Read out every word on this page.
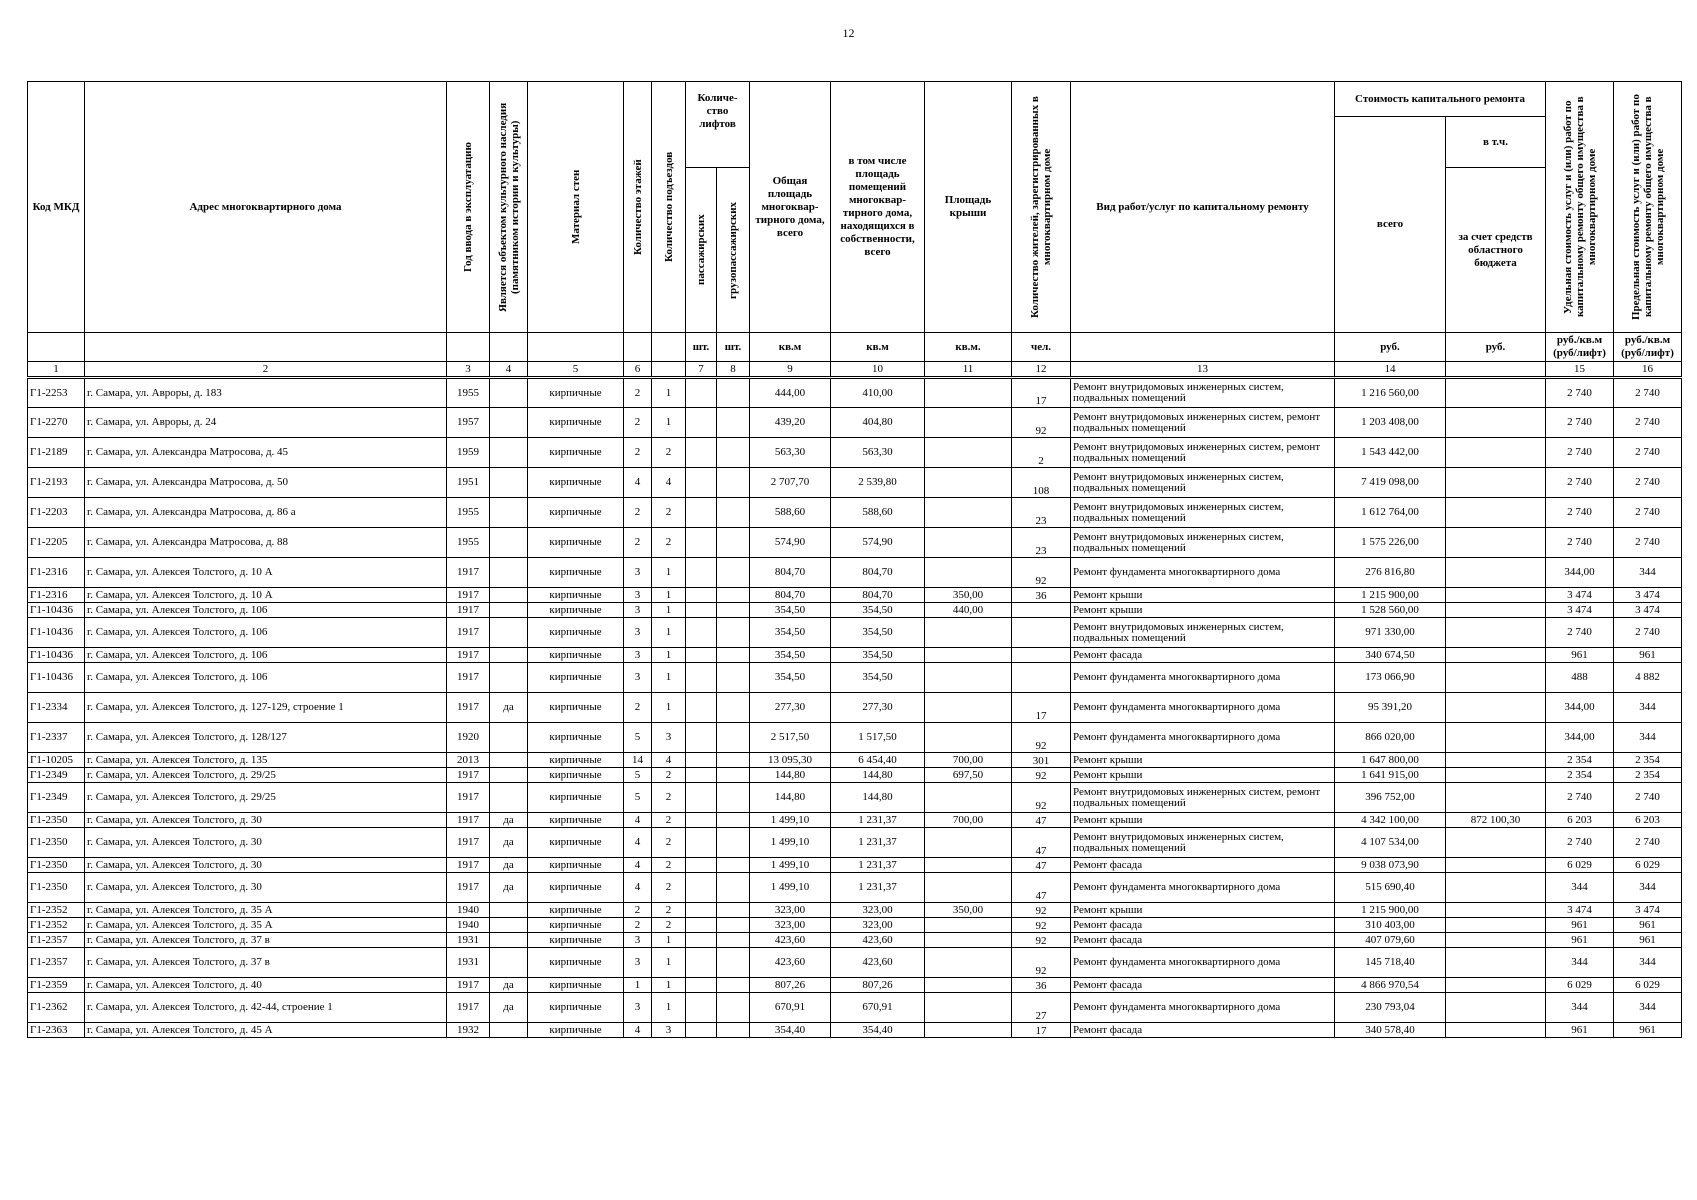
12
Код МКД	Адрес многоквартирного дома	Год ввода в эксплуатацию	Является объектом культурного наследия (памятником истории и культуры)	Материал стен	Количество этажей	Количество подъездов	Количе- ство лифтов		Общая площадь многоквар- тирного дома, всего	в том числе площадь помещений многоквар- тирного дома, находящихся в собственности, всего	Площадь крыши	Количество жителей, зарегистрированных в многоквартирном доме	Вид работ/услуг по капитальному ремонту	Стоимость капитального ремонта		Удельная стоимость услуг и (или) работ по капитальному ремонту общего имущества в многоквартирном доме	Предельная стоимость услуг и (или) работ по капитальному ремонту общего имущества в многоквартирном доме

														всего	в т.ч.		

							пассажирских	грузопассажирских							за счет средств областного бюджета		
							шт.	шт.	кв.м	кв.м	кв.м.	чел.		руб.	руб.	руб./кв.м (руб/лифт)	руб./кв.м (руб/лифт)
1	2	3	4	5	6		7	8	9	10	11	12	13	14		15	16
Г1-2253	г. Самара, ул. Авроры, д. 183	1955		кирпичные	2	1			444,00	410,00		17	Ремонт внутридомовых инженерных систем, подвальных помещений	1 216 560,00		2 740	2 740
Г1-2270	г. Самара, ул. Авроры, д. 24	1957		кирпичные	2	1			439,20	404,80		92	Ремонт внутридомовых инженерных систем, ремонт подвальных помещений	1 203 408,00		2 740	2 740
Г1-2189	г. Самара, ул. Александра Матросова, д. 45	1959		кирпичные	2	2			563,30	563,30		2	Ремонт внутридомовых инженерных систем, ремонт подвальных помещений	1 543 442,00		2 740	2 740
Г1-2193	г. Самара, ул. Александра Матросова, д. 50	1951		кирпичные	4	4			2 707,70	2 539,80		108	Ремонт внутридомовых инженерных систем, подвальных помещений	7 419 098,00		2 740	2 740
Г1-2203	г. Самара, ул. Александра Матросова, д. 86 а	1955		кирпичные	2	2			588,60	588,60		23	Ремонт внутридомовых инженерных систем, подвальных помещений	1 612 764,00		2 740	2 740
Г1-2205	г. Самара, ул. Александра Матросова, д. 88	1955		кирпичные	2	2			574,90	574,90		23	Ремонт внутридомовых инженерных систем, подвальных помещений	1 575 226,00		2 740	2 740
Г1-2316	г. Самара, ул. Алексея Толстого, д. 10 А	1917		кирпичные	3	1			804,70	804,70		92	Ремонт фундамента многоквартирного дома	276 816,80		344,00	344
Г1-2316	г. Самара, ул. Алексея Толстого, д. 10 А	1917		кирпичные	3	1			804,70	804,70	350,00	36	Ремонт крыши	1 215 900,00		3 474	3 474
Г1-10436	г. Самара, ул. Алексея Толстого, д. 106	1917		кирпичные	3	1			354,50	354,50	440,00		Ремонт крыши	1 528 560,00		3 474	3 474
Г1-10436	г. Самара, ул. Алексея Толстого, д. 106	1917		кирпичные	3	1			354,50	354,50			Ремонт внутридомовых инженерных систем, подвальных помещений	971 330,00		2 740	2 740
Г1-10436	г. Самара, ул. Алексея Толстого, д. 106	1917		кирпичные	3	1			354,50	354,50			Ремонт фасада	340 674,50		961	961
Г1-10436	г. Самара, ул. Алексея Толстого, д. 106	1917		кирпичные	3	1			354,50	354,50			Ремонт фундамента многоквартирного дома	173 066,90		488	4 882
Г1-2334	г. Самара, ул. Алексея Толстого, д. 127-129, строение 1	1917	да	кирпичные	2	1			277,30	277,30		17	Ремонт фундамента многоквартирного дома	95 391,20		344,00	344
Г1-2337	г. Самара, ул. Алексея Толстого, д. 128/127	1920		кирпичные	5	3			2 517,50	1 517,50		92	Ремонт фундамента многоквартирного дома	866 020,00		344,00	344
Г1-10205	г. Самара, ул. Алексея Толстого, д. 135	2013		кирпичные	14	4			13 095,30	6 454,40	700,00	301	Ремонт крыши	1 647 800,00		2 354	2 354
Г1-2349	г. Самара, ул. Алексея Толстого, д. 29/25	1917		кирпичные	5	2			144,80	144,80	697,50	92	Ремонт крыши	1 641 915,00		2 354	2 354
Г1-2349	г. Самара, ул. Алексея Толстого, д. 29/25	1917		кирпичные	5	2			144,80	144,80		92	Ремонт внутридомовых инженерных систем, ремонт подвальных помещений	396 752,00		2 740	2 740
Г1-2350	г. Самара, ул. Алексея Толстого, д. 30	1917	да	кирпичные	4	2			1 499,10	1 231,37	700,00	47	Ремонт крыши	4 342 100,00	872 100,30	6 203	6 203
Г1-2350	г. Самара, ул. Алексея Толстого, д. 30	1917	да	кирпичные	4	2			1 499,10	1 231,37		47	Ремонт внутридомовых инженерных систем, подвальных помещений	4 107 534,00		2 740	2 740
Г1-2350	г. Самара, ул. Алексея Толстого, д. 30	1917	да	кирпичные	4	2			1 499,10	1 231,37		47	Ремонт фасада	9 038 073,90		6 029	6 029
Г1-2350	г. Самара, ул. Алексея Толстого, д. 30	1917	да	кирпичные	4	2			1 499,10	1 231,37		47	Ремонт фундамента многоквартирного дома	515 690,40		344	344
Г1-2352	г. Самара, ул. Алексея Толстого, д. 35 А	1940		кирпичные	2	2			323,00	323,00	350,00	92	Ремонт крыши	1 215 900,00		3 474	3 474
Г1-2352	г. Самара, ул. Алексея Толстого, д. 35 А	1940		кирпичные	2	2			323,00	323,00		92	Ремонт фасада	310 403,00		961	961
Г1-2357	г. Самара, ул. Алексея Толстого, д. 37 в	1931		кирпичные	3	1			423,60	423,60		92	Ремонт фасада	407 079,60		961	961
Г1-2357	г. Самара, ул. Алексея Толстого, д. 37 в	1931		кирпичные	3	1			423,60	423,60		92	Ремонт фундамента многоквартирного дома	145 718,40		344	344
Г1-2359	г. Самара, ул. Алексея Толстого, д. 40	1917	да	кирпичные	1	1			807,26	807,26		36	Ремонт фасада	4 866 970,54		6 029	6 029
Г1-2362	г. Самара, ул. Алексея Толстого, д. 42-44, строение 1	1917	да	кирпичные	3	1			670,91	670,91		27	Ремонт фундамента многоквартирного дома	230 793,04		344	344
Г1-2363	г. Самара, ул. Алексея Толстого, д. 45 А	1932		кирпичные	4	3			354,40	354,40		17	Ремонт фасада	340 578,40		961	961
